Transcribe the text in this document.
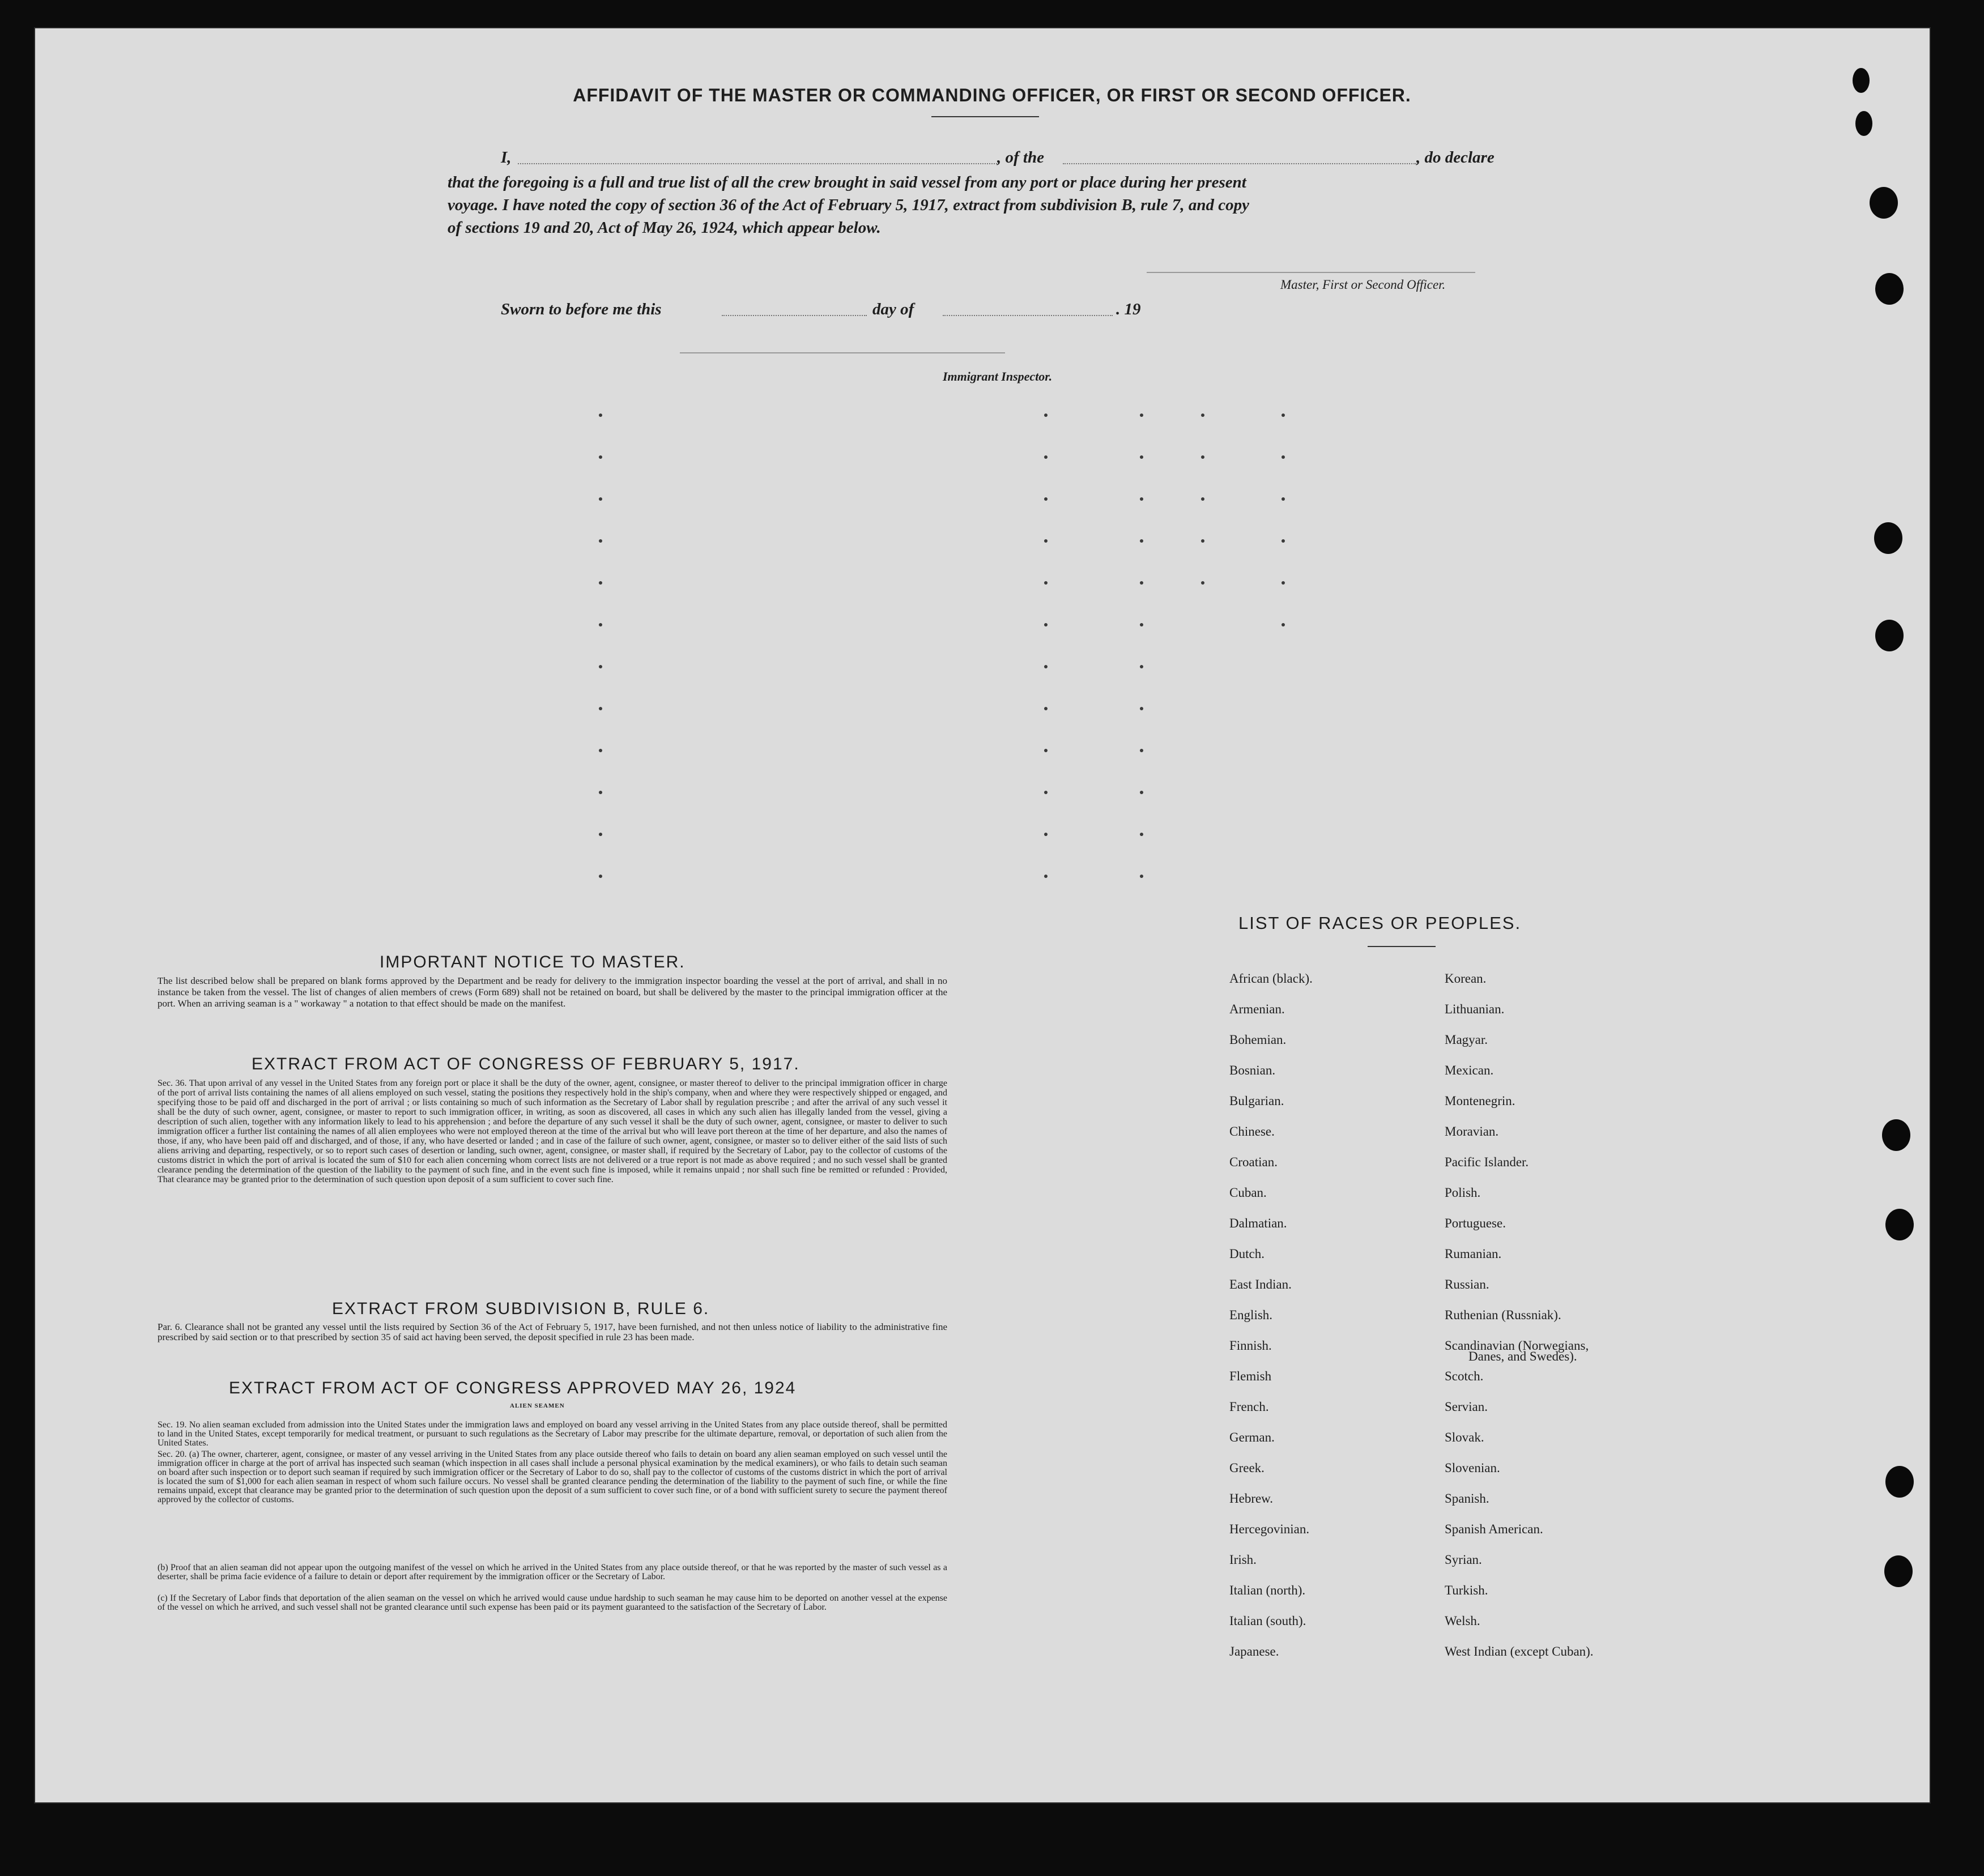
AFFIDAVIT OF THE MASTER OR COMMANDING OFFICER, OR FIRST OR SECOND OFFICER.
I,	, of the	, do declare
that the foregoing is a full and true list of all the crew brought in said vessel from any port or place during her present
voyage. I have noted the copy of section 36 of the Act of February 5, 1917, extract from subdivision B, rule 7, and copy
of sections 19 and 20, Act of May 26, 1924, which appear below.
Master, First or Second Officer.
Sworn to before me this	day of	. 19
Immigrant Inspector.
IMPORTANT NOTICE TO MASTER.
The list described below shall be prepared on blank forms approved by the Department and be ready for delivery to the immigration inspector boarding the vessel at the port of arrival, and shall in no instance be taken from the vessel. The list of changes of alien members of crews (Form 689) shall not be retained on board, but shall be delivered by the master to the principal immigration officer at the port. When an arriving seaman is a " workaway " a notation to that effect should be made on the manifest.
EXTRACT FROM ACT OF CONGRESS OF FEBRUARY 5, 1917.
Sec. 36. That upon arrival of any vessel in the United States from any foreign port or place it shall be the duty of the owner, agent, consignee, or master thereof to deliver to the principal immigration officer in charge of the port of arrival lists containing the names of all aliens employed on such vessel, stating the positions they respectively hold in the ship's company, when and where they were respectively shipped or engaged, and specifying those to be paid off and discharged in the port of arrival ; or lists containing so much of such information as the Secretary of Labor shall by regulation prescribe ; and after the arrival of any such vessel it shall be the duty of such owner, agent, consignee, or master to report to such immigration officer, in writing, as soon as discovered, all cases in which any such alien has illegally landed from the vessel, giving a description of such alien, together with any information likely to lead to his apprehension ; and before the departure of any such vessel it shall be the duty of such owner, agent, consignee, or master to deliver to such immigration officer a further list containing the names of all alien employees who were not employed thereon at the time of the arrival but who will leave port thereon at the time of her departure, and also the names of those, if any, who have been paid off and discharged, and of those, if any, who have deserted or landed ; and in case of the failure of such owner, agent, consignee, or master so to deliver either of the said lists of such aliens arriving and departing, respectively, or so to report such cases of desertion or landing, such owner, agent, consignee, or master shall, if required by the Secretary of Labor, pay to the collector of customs of the customs district in which the port of arrival is located the sum of $10 for each alien concerning whom correct lists are not delivered or a true report is not made as above required ; and no such vessel shall be granted clearance pending the determination of the question of the liability to the payment of such fine, and in the event such fine is imposed, while it remains unpaid ; nor shall such fine be remitted or refunded : Provided, That clearance may be granted prior to the determination of such question upon deposit of a sum sufficient to cover such fine.
EXTRACT FROM SUBDIVISION B, RULE 6.
Par. 6. Clearance shall not be granted any vessel until the lists required by Section 36 of the Act of February 5, 1917, have been furnished, and not then unless notice of liability to the administrative fine prescribed by said section or to that prescribed by section 35 of said act having been served, the deposit specified in rule 23 has been made.
EXTRACT FROM ACT OF CONGRESS APPROVED MAY 26, 1924
ALIEN SEAMEN
Sec. 19. No alien seaman excluded from admission into the United States under the immigration laws and employed on board any vessel arriving in the United States from any place outside thereof, shall be permitted to land in the United States, except temporarily for medical treatment, or pursuant to such regulations as the Secretary of Labor may prescribe for the ultimate departure, removal, or deportation of such alien from the United States.
Sec. 20. (a) The owner, charterer, agent, consignee, or master of any vessel arriving in the United States from any place outside thereof who fails to detain on board any alien seaman employed on such vessel until the immigration officer in charge at the port of arrival has inspected such seaman (which inspection in all cases shall include a personal physical examination by the medical examiners), or who fails to detain such seaman on board after such inspection or to deport such seaman if required by such immigration officer or the Secretary of Labor to do so, shall pay to the collector of customs of the customs district in which the port of arrival is located the sum of $1,000 for each alien seaman in respect of whom such failure occurs. No vessel shall be granted clearance pending the determination of the liability to the payment of such fine, or while the fine remains unpaid, except that clearance may be granted prior to the determination of such question upon the deposit of a sum sufficient to cover such fine, or of a bond with sufficient surety to secure the payment thereof approved by the collector of customs.
(b) Proof that an alien seaman did not appear upon the outgoing manifest of the vessel on which he arrived in the United States from any place outside thereof, or that he was reported by the master of such vessel as a deserter, shall be prima facie evidence of a failure to detain or deport after requirement by the immigration officer or the Secretary of Labor.
(c) If the Secretary of Labor finds that deportation of the alien seaman on the vessel on which he arrived would cause undue hardship to such seaman he may cause him to be deported on another vessel at the expense of the vessel on which he arrived, and such vessel shall not be granted clearance until such expense has been paid or its payment guaranteed to the satisfaction of the Secretary of Labor.
LIST OF RACES OR PEOPLES.
African (black).
Armenian.
Bohemian.
Bosnian.
Bulgarian.
Chinese.
Croatian.
Cuban.
Dalmatian.
Dutch.
East Indian.
English.
Finnish.
Flemish
French.
German.
Greek.
Hebrew.
Hercegovinian.
Irish.
Italian (north).
Italian (south).
Japanese.
Korean.
Lithuanian.
Magyar.
Mexican.
Montenegrin.
Moravian.
Pacific Islander.
Polish.
Portuguese.
Rumanian.
Russian.
Ruthenian (Russniak).
Scandinavian (Norwegians,
Scotch.
Servian.
Slovak.
Slovenian.
Spanish.
Spanish American.
Syrian.
Turkish.
Welsh.
West Indian (except Cuban).
Danes, and Swedes).
